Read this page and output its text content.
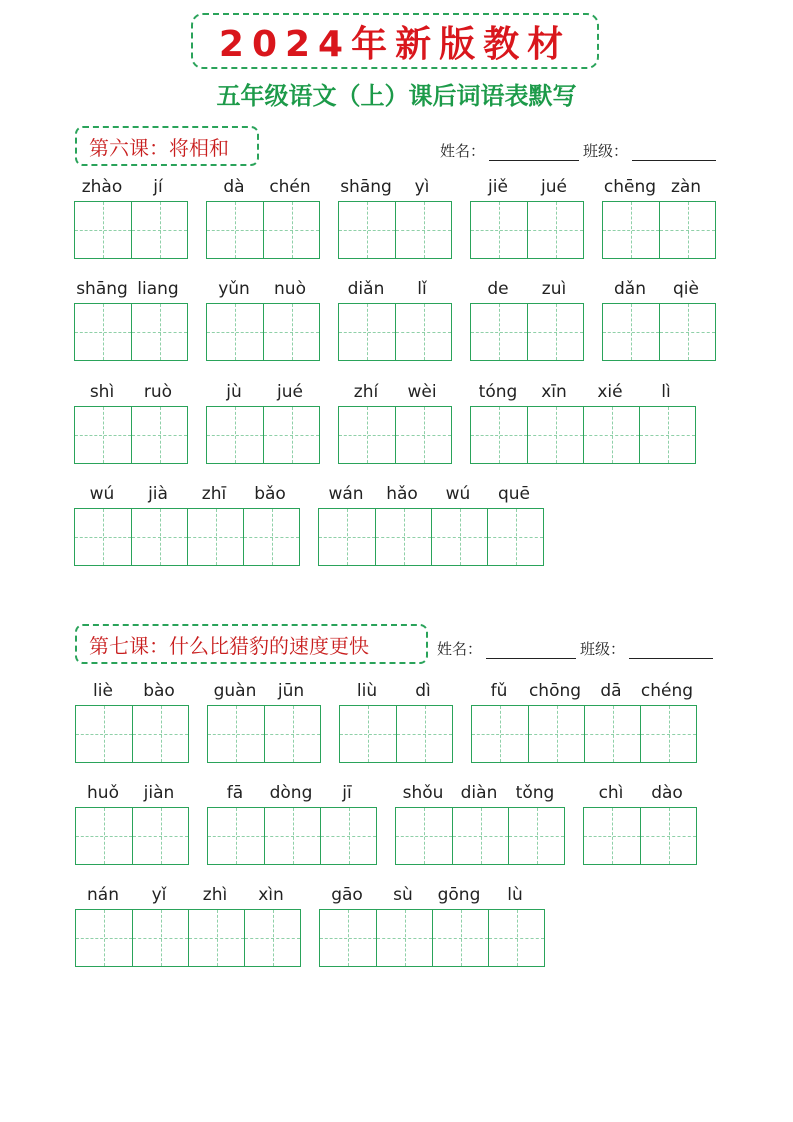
2024年新版教材
五年级语文（上）课后词语表默写
第六课：将相和	姓名：	班级：
zhào	jí	dà	chén	shāng	yì	jiě	jué	chēng zàn
shāng liang	yǔn	nuò	diǎn	lǐ	de	zuì	dǎn	qiè
shì	ruò	jù	jué	zhí	wèi	tóng	xīn	xié	lì
wú	jià	zhī	bǎo	wán	hǎo	wú	quē
第七课：什么比猎豹的速度更快	姓名：	班级：
liè	bào	guàn	jūn	liù	dì	fǔ	chōng	dā	chéng
huǒ	jiàn	fā	dòng	jī	shǒu	diàn	tǒng	chì	dào
nán	yǐ	zhì	xìn	gāo	sù	gōng	lù
